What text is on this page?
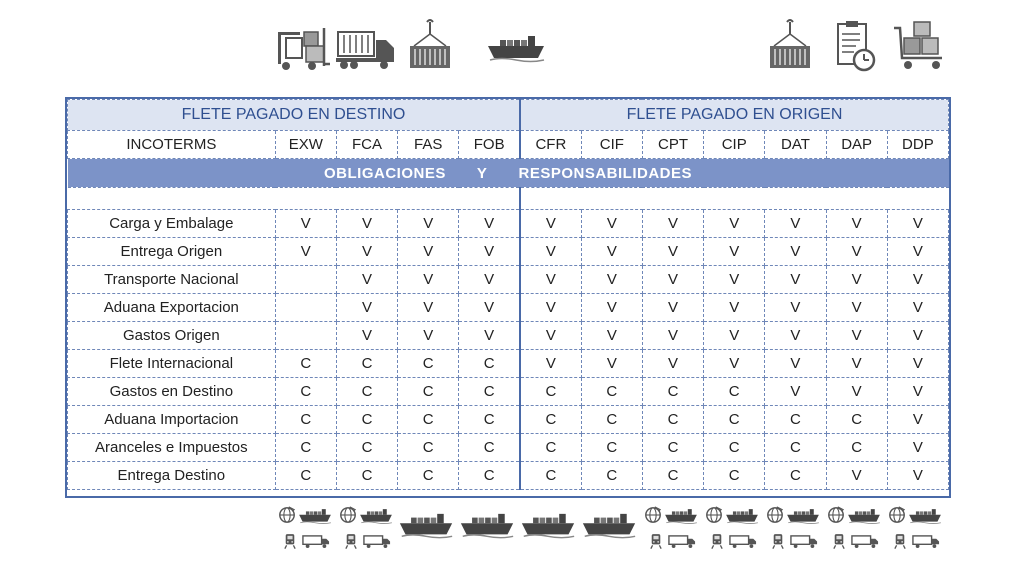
FLETE PAGADO EN DESTINO					FLETE PAGADO EN ORIGEN						
INCOTERMS	EXW	FCA	FAS	FOB	CFR	CIF	CPT	CIP	DAT	DAP	DDP
OBLIGACIONES Y RESPONSABILIDADES											

Carga y Embalage	V	V	V	V	V	V	V	V	V	V	V
Entrega Origen	V	V	V	V	V	V	V	V	V	V	V
Transporte Nacional		V	V	V	V	V	V	V	V	V	V
Aduana Exportacion		V	V	V	V	V	V	V	V	V	V
Gastos Origen		V	V	V	V	V	V	V	V	V	V
Flete Internacional	C	C	C	C	V	V	V	V	V	V	V
Gastos en Destino	C	C	C	C	C	C	C	C	V	V	V
Aduana Importacion	C	C	C	C	C	C	C	C	C	C	V
Aranceles e Impuestos	C	C	C	C	C	C	C	C	C	C	V
Entrega Destino	C	C	C	C	C	C	C	C	C	V	V
